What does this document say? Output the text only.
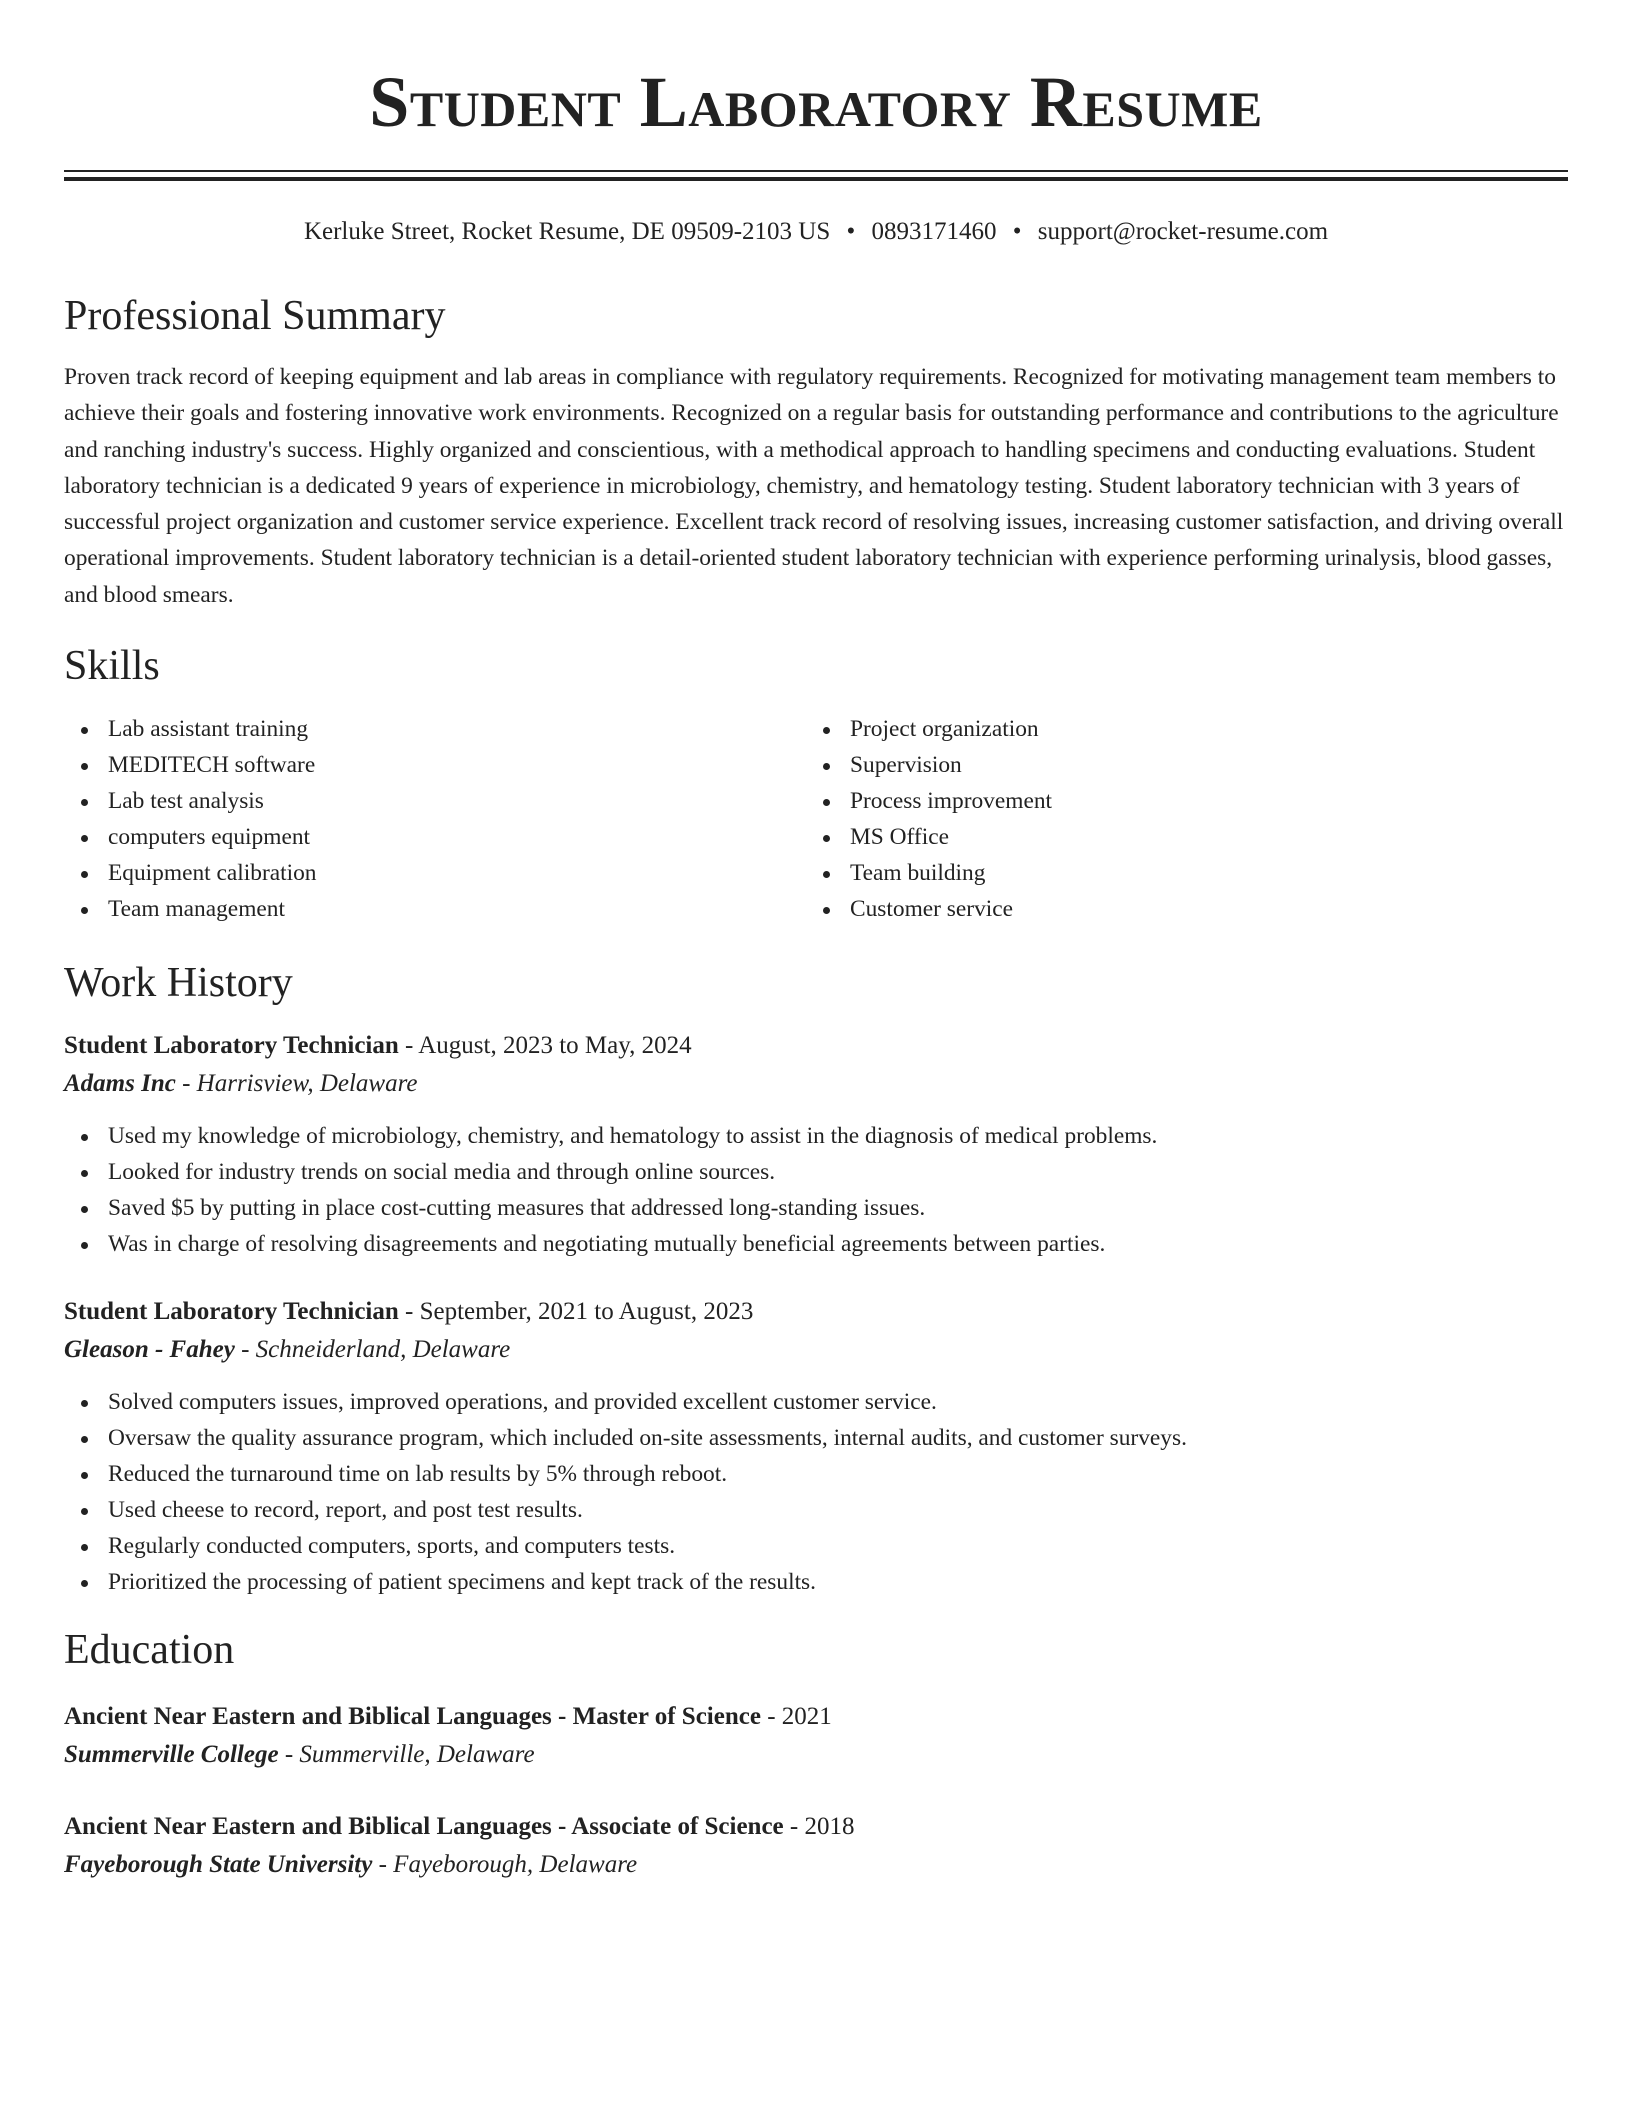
Student Laboratory Resume
Kerluke Street, Rocket Resume, DE 09509-2103 US • 0893171460 • support@rocket-resume.com
Professional Summary

Proven track record of keeping equipment and lab areas in compliance with regulatory requirements. Recognized for motivating management team members to achieve their goals and fostering innovative work environments. Recognized on a regular basis for outstanding performance and contributions to the agriculture and ranching industry's success. Highly organized and conscientious, with a methodical approach to handling specimens and conducting evaluations. Student laboratory technician is a dedicated 9 years of experience in microbiology, chemistry, and hematology testing. Student laboratory technician with 3 years of successful project organization and customer service experience. Excellent track record of resolving issues, increasing customer satisfaction, and driving overall operational improvements. Student laboratory technician is a detail-oriented student laboratory technician with experience performing urinalysis, blood gasses, and blood smears.

Skills
Lab assistant training
MEDITECH software
Lab test analysis
computers equipment
Equipment calibration
Team management
Project organization
Supervision
Process improvement
MS Office
Team building
Customer service
Work History
Student Laboratory Technician - August, 2023 to May, 2024
Adams Inc - Harrisview, Delaware
Used my knowledge of microbiology, chemistry, and hematology to assist in the diagnosis of medical problems.
Looked for industry trends on social media and through online sources.
Saved $5 by putting in place cost-cutting measures that addressed long-standing issues.
Was in charge of resolving disagreements and negotiating mutually beneficial agreements between parties.
Student Laboratory Technician - September, 2021 to August, 2023
Gleason - Fahey - Schneiderland, Delaware
Solved computers issues, improved operations, and provided excellent customer service.
Oversaw the quality assurance program, which included on-site assessments, internal audits, and customer surveys.
Reduced the turnaround time on lab results by 5% through reboot.
Used cheese to record, report, and post test results.
Regularly conducted computers, sports, and computers tests.
Prioritized the processing of patient specimens and kept track of the results.
Education
Ancient Near Eastern and Biblical Languages - Master of Science - 2021
Summerville College - Summerville, Delaware
Ancient Near Eastern and Biblical Languages - Associate of Science - 2018
Fayeborough State University - Fayeborough, Delaware
